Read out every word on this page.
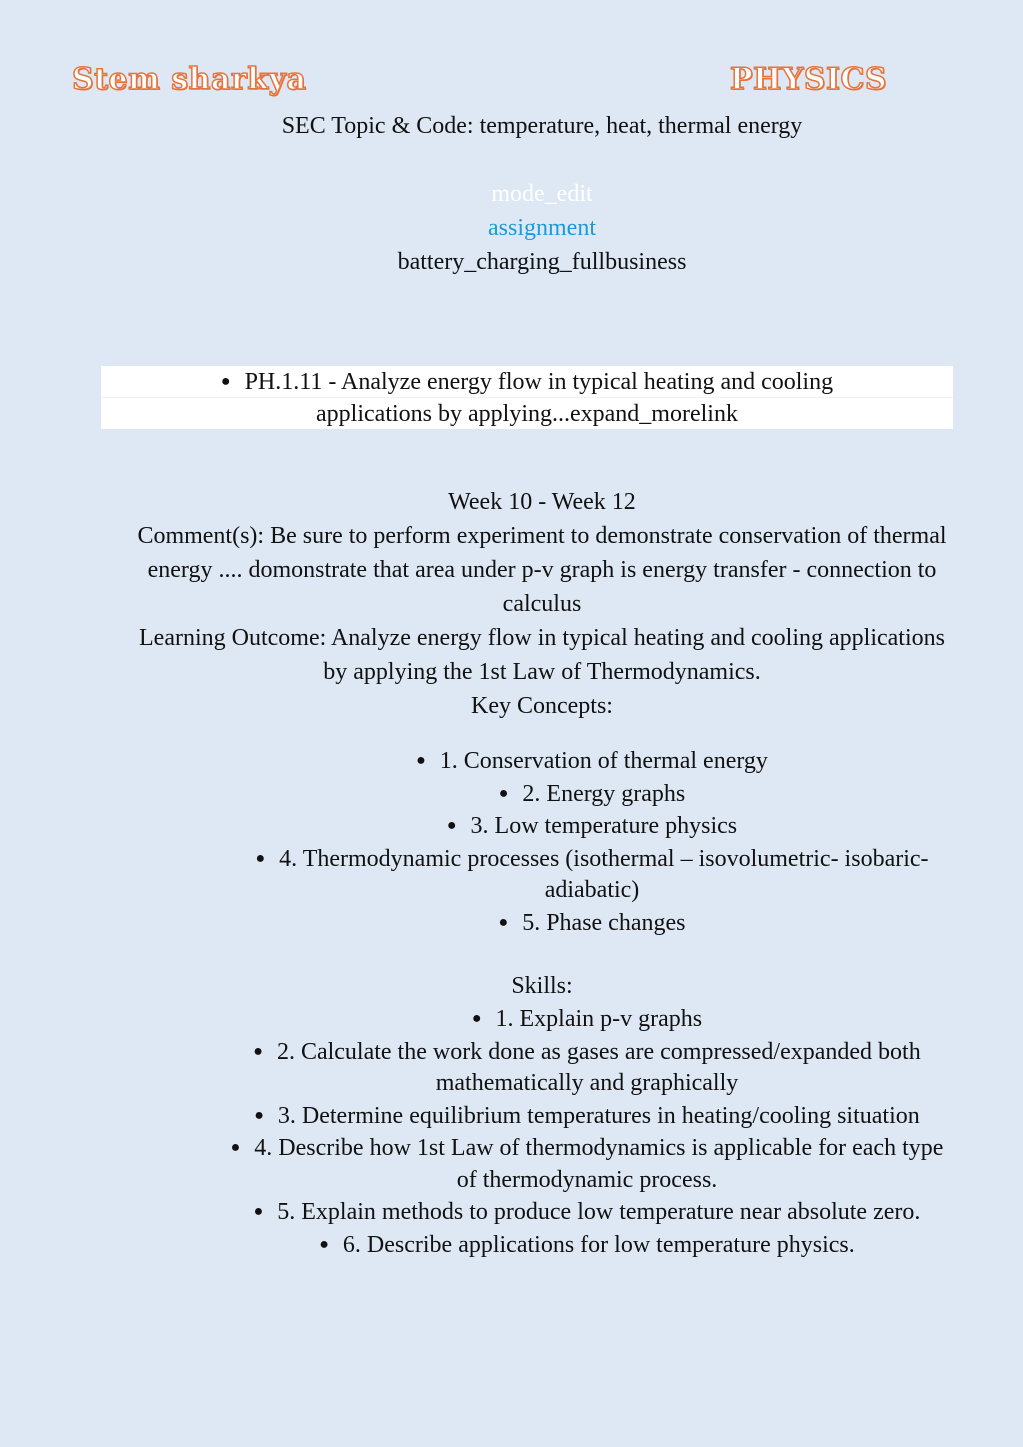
Stem sharkya	PHYSICS
SEC Topic & Code: temperature, heat, thermal energy
mode_edit
assignment
battery_charging_fullbusiness
● PH.1.11 - Analyze energy flow in typical heating and cooling
applications by applying...expand_morelink
Week 10 - Week 12
Comment(s): Be sure to perform experiment to demonstrate conservation of thermal energy .... domonstrate that area under p-v graph is energy transfer - connection to calculus
Learning Outcome: Analyze energy flow in typical heating and cooling applications by applying the 1st Law of Thermodynamics.
Key Concepts:
● 1. Conservation of thermal energy
● 2. Energy graphs
● 3. Low temperature physics
● 4. Thermodynamic processes (isothermal – isovolumetric- isobaric- adiabatic)
● 5. Phase changes
Skills:
● 1. Explain p-v graphs
● 2. Calculate the work done as gases are compressed/expanded both mathematically and graphically
● 3. Determine equilibrium temperatures in heating/cooling situation
● 4. Describe how 1st Law of thermodynamics is applicable for each type of thermodynamic process.
● 5. Explain methods to produce low temperature near absolute zero.
● 6. Describe applications for low temperature physics.
